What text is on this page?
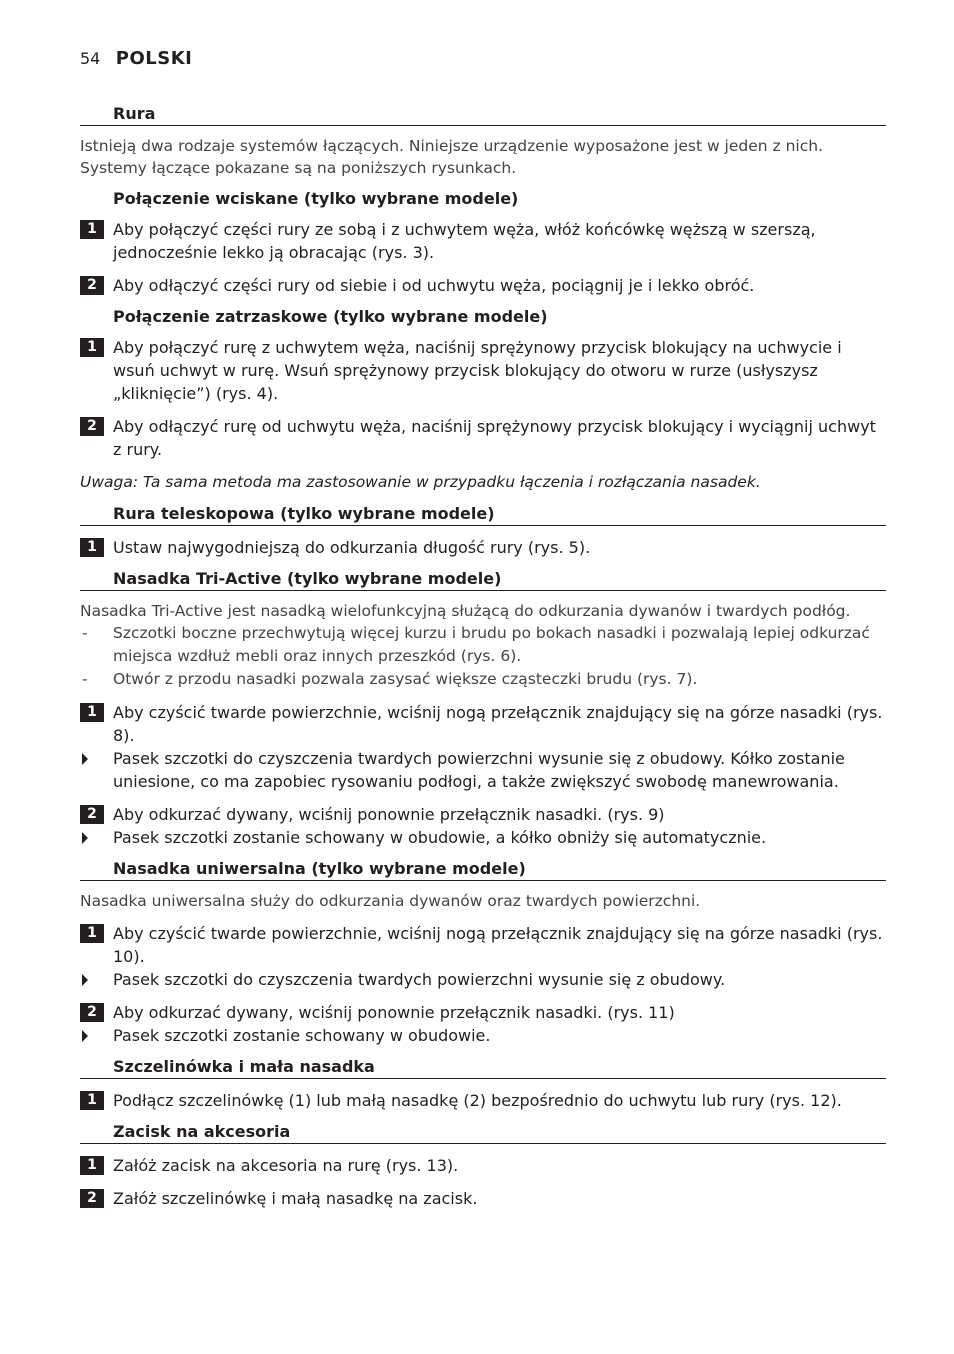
54 POLSKI
Rura

Istnieją dwa rodzaje systemów łączących. Niniejsze urządzenie wyposażone jest w jeden z nich. Systemy łączące pokazane są na poniższych rysunkach.

Połączenie wciskane (tylko wybrane modele)
1	Aby połączyć części rury ze sobą i z uchwytem węża, włóż końcówkę węższą w szerszą, jednocześnie lekko ją obracając (rys. 3).
2	Aby odłączyć części rury od siebie i od uchwytu węża, pociągnij je i lekko obróć.
Połączenie zatrzaskowe (tylko wybrane modele)
1	Aby połączyć rurę z uchwytem węża, naciśnij sprężynowy przycisk blokujący na uchwycie i wsuń uchwyt w rurę. Wsuń sprężynowy przycisk blokujący do otworu w rurze (usłyszysz „kliknięcie”) (rys. 4).
2	Aby odłączyć rurę od uchwytu węża, naciśnij sprężynowy przycisk blokujący i wyciągnij uchwyt z rury.

Uwaga: Ta sama metoda ma zastosowanie w przypadku łączenia i rozłączania nasadek.

Rura teleskopowa (tylko wybrane modele)
1	Ustaw najwygodniejszą do odkurzania długość rury (rys. 5).
Nasadka Tri-Active (tylko wybrane modele)

Nasadka Tri-Active jest nasadką wielofunkcyjną służącą do odkurzania dywanów i twardych podłóg.

- Szczotki boczne przechwytują więcej kurzu i brudu po bokach nasadki i pozwalają lepiej odkurzać miejsca wzdłuż mebli oraz innych przeszkód (rys. 6).
- Otwór z przodu nasadki pozwala zasysać większe cząsteczki brudu (rys. 7).
1	Aby czyścić twarde powierzchnie, wciśnij nogą przełącznik znajdujący się na górze nasadki (rys. 8).
Pasek szczotki do czyszczenia twardych powierzchni wysunie się z obudowy. Kółko zostanie uniesione, co ma zapobiec rysowaniu podłogi, a także zwiększyć swobodę manewrowania.
2	Aby odkurzać dywany, wciśnij ponownie przełącznik nasadki. (rys. 9)
Pasek szczotki zostanie schowany w obudowie, a kółko obniży się automatycznie.
Nasadka uniwersalna (tylko wybrane modele)

Nasadka uniwersalna służy do odkurzania dywanów oraz twardych powierzchni.

1	Aby czyścić twarde powierzchnie, wciśnij nogą przełącznik znajdujący się na górze nasadki (rys. 10).
Pasek szczotki do czyszczenia twardych powierzchni wysunie się z obudowy.
2	Aby odkurzać dywany, wciśnij ponownie przełącznik nasadki. (rys. 11)
Pasek szczotki zostanie schowany w obudowie.
Szczelinówka i mała nasadka
1	Podłącz szczelinówkę (1) lub małą nasadkę (2) bezpośrednio do uchwytu lub rury (rys. 12).
Zacisk na akcesoria
1	Załóż zacisk na akcesoria na rurę (rys. 13).
2	Załóż szczelinówkę i małą nasadkę na zacisk.
